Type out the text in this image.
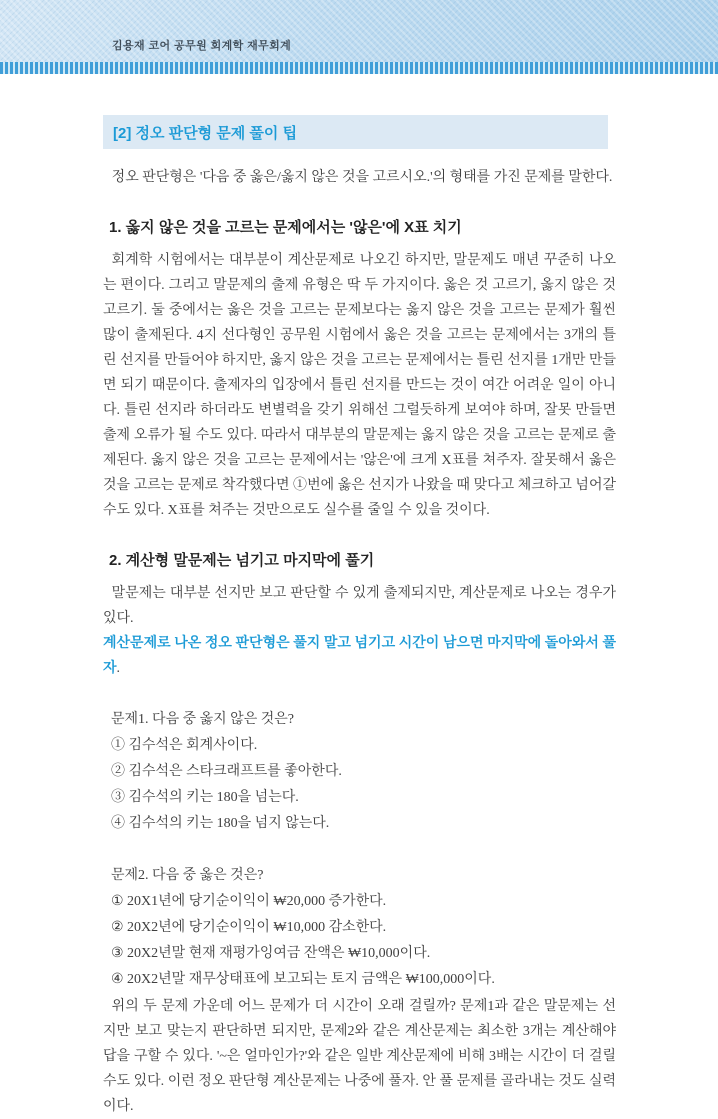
김용재 코어 공무원 회계학 재무회계
[2] 정오 판단형 문제 풀이 팁

정오 판단형은 '다음 중 옳은/옳지 않은 것을 고르시오.'의 형태를 가진 문제를 말한다.

1. 옳지 않은 것을 고르는 문제에서는 '않은'에 X표 치기

회계학 시험에서는 대부분이 계산문제로 나오긴 하지만, 말문제도 매년 꾸준히 나오는 편이다. 그리고 말문제의 출제 유형은 딱 두 가지이다. 옳은 것 고르기, 옳지 않은 것 고르기. 둘 중에서는 옳은 것을 고르는 문제보다는 옳지 않은 것을 고르는 문제가 훨씬 많이 출제된다. 4지 선다형인 공무원 시험에서 옳은 것을 고르는 문제에서는 3개의 틀린 선지를 만들어야 하지만, 옳지 않은 것을 고르는 문제에서는 틀린 선지를 1개만 만들면 되기 때문이다. 출제자의 입장에서 틀린 선지를 만드는 것이 여간 어려운 일이 아니다. 틀린 선지라 하더라도 변별력을 갖기 위해선 그럴듯하게 보여야 하며, 잘못 만들면 출제 오류가 될 수도 있다. 따라서 대부분의 말문제는 옳지 않은 것을 고르는 문제로 출제된다. 옳지 않은 것을 고르는 문제에서는 '않은'에 크게 X표를 쳐주자. 잘못해서 옳은 것을 고르는 문제로 착각했다면 ①번에 옳은 선지가 나왔을 때 맞다고 체크하고 넘어갈 수도 있다. X표를 쳐주는 것만으로도 실수를 줄일 수 있을 것이다.

2. 계산형 말문제는 넘기고 마지막에 풀기

말문제는 대부분 선지만 보고 판단할 수 있게 출제되지만, 계산문제로 나오는 경우가 있다.

계산문제로 나온 정오 판단형은 풀지 말고 넘기고 시간이 남으면 마지막에 돌아와서 풀자.

문제1. 다음 중 옳지 않은 것은?

① 김수석은 회계사이다.

② 김수석은 스타크래프트를 좋아한다.

③ 김수석의 키는 180을 넘는다.

④ 김수석의 키는 180을 넘지 않는다.

문제2. 다음 중 옳은 것은?

① 20X1년에 당기순이익이 ₩20,000 증가한다.

② 20X2년에 당기순이익이 ₩10,000 감소한다.

③ 20X2년말 현재 재평가잉여금 잔액은 ₩10,000이다.

④ 20X2년말 재무상태표에 보고되는 토지 금액은 ₩100,000이다.

위의 두 문제 가운데 어느 문제가 더 시간이 오래 걸릴까? 문제1과 같은 말문제는 선지만 보고 맞는지 판단하면 되지만, 문제2와 같은 계산문제는 최소한 3개는 계산해야 답을 구할 수 있다. '~은 얼마인가?'와 같은 일반 계산문제에 비해 3배는 시간이 더 걸릴 수도 있다. 이런 정오 판단형 계산문제는 나중에 풀자. 안 풀 문제를 골라내는 것도 실력이다.
